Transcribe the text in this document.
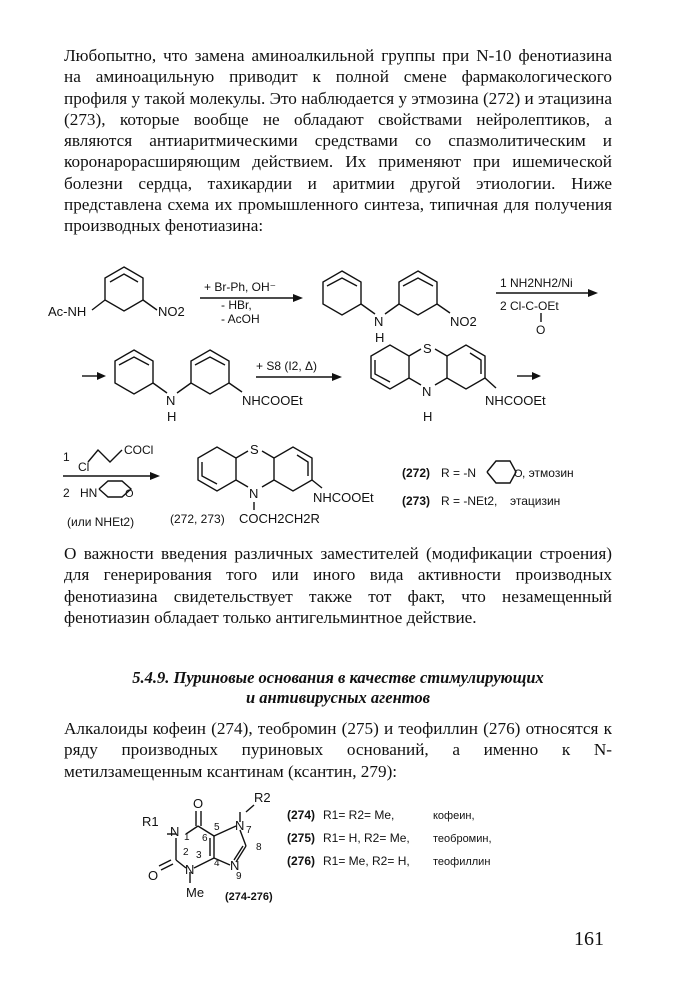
Любопытно, что замена аминоалкильной группы при N-10 фенотиазина на аминоацильную приводит к полной смене фармакологического профиля у такой молекулы. Это наблюдается у этмозина (272) и этацизина (273), которые вообще не обладают свойствами нейролептиков, а являются антиаритмическими средствами со спазмолитическим и коронарорасширяющим действием. Их применяют при ишемической болезни сердца, тахикардии и аритмии другой этиологии. Ниже представлена схема их промышленного синтеза, типичная для получения производных фенотиазина:

Ac-NH	NO2
+ Br-Ph, OH⁻
- HBr,
- AcOH	N
H
NO2
1 NH2NH2/Ni
2 Cl-C-OEt
O
N
H
NHCOOEt
+ S8 (I2, Δ)
S
N
H
NHCOOEt
1
Cl
COCl
2 HN	O
(или NHEt2)
S
N	NHCOOEt
(272, 273) COCH2CH2R
(272) R = -N	O , этмозин
(273) R = -NEt2, этацизин

О важности введения различных заместителей (модификации строения) для генерирования того или иного вида активности производных фенотиазина свидетельствует также тот факт, что незамещенный фенотиазин обладает только антигельминтное действие.

5.4.9. Пуриновые основания в качестве стимулирующих
и антивирусных агентов

Алкалоиды кофеин (274), теобромин (275) и теофиллин (276) относятся к ряду производных пуриновых оснований, а именно к N-метилзамещенным ксантинам (ксантин, 279):

R1
R2
O
O
N
N
N
N
Me
1
2 3
4
5
6
7
8
9
(274-276)
(274) R1= R2= Me,	кофеин,
(275) R1= H, R2= Me, теобромин,
(276) R1= Me, R2= H, теофиллин
161
